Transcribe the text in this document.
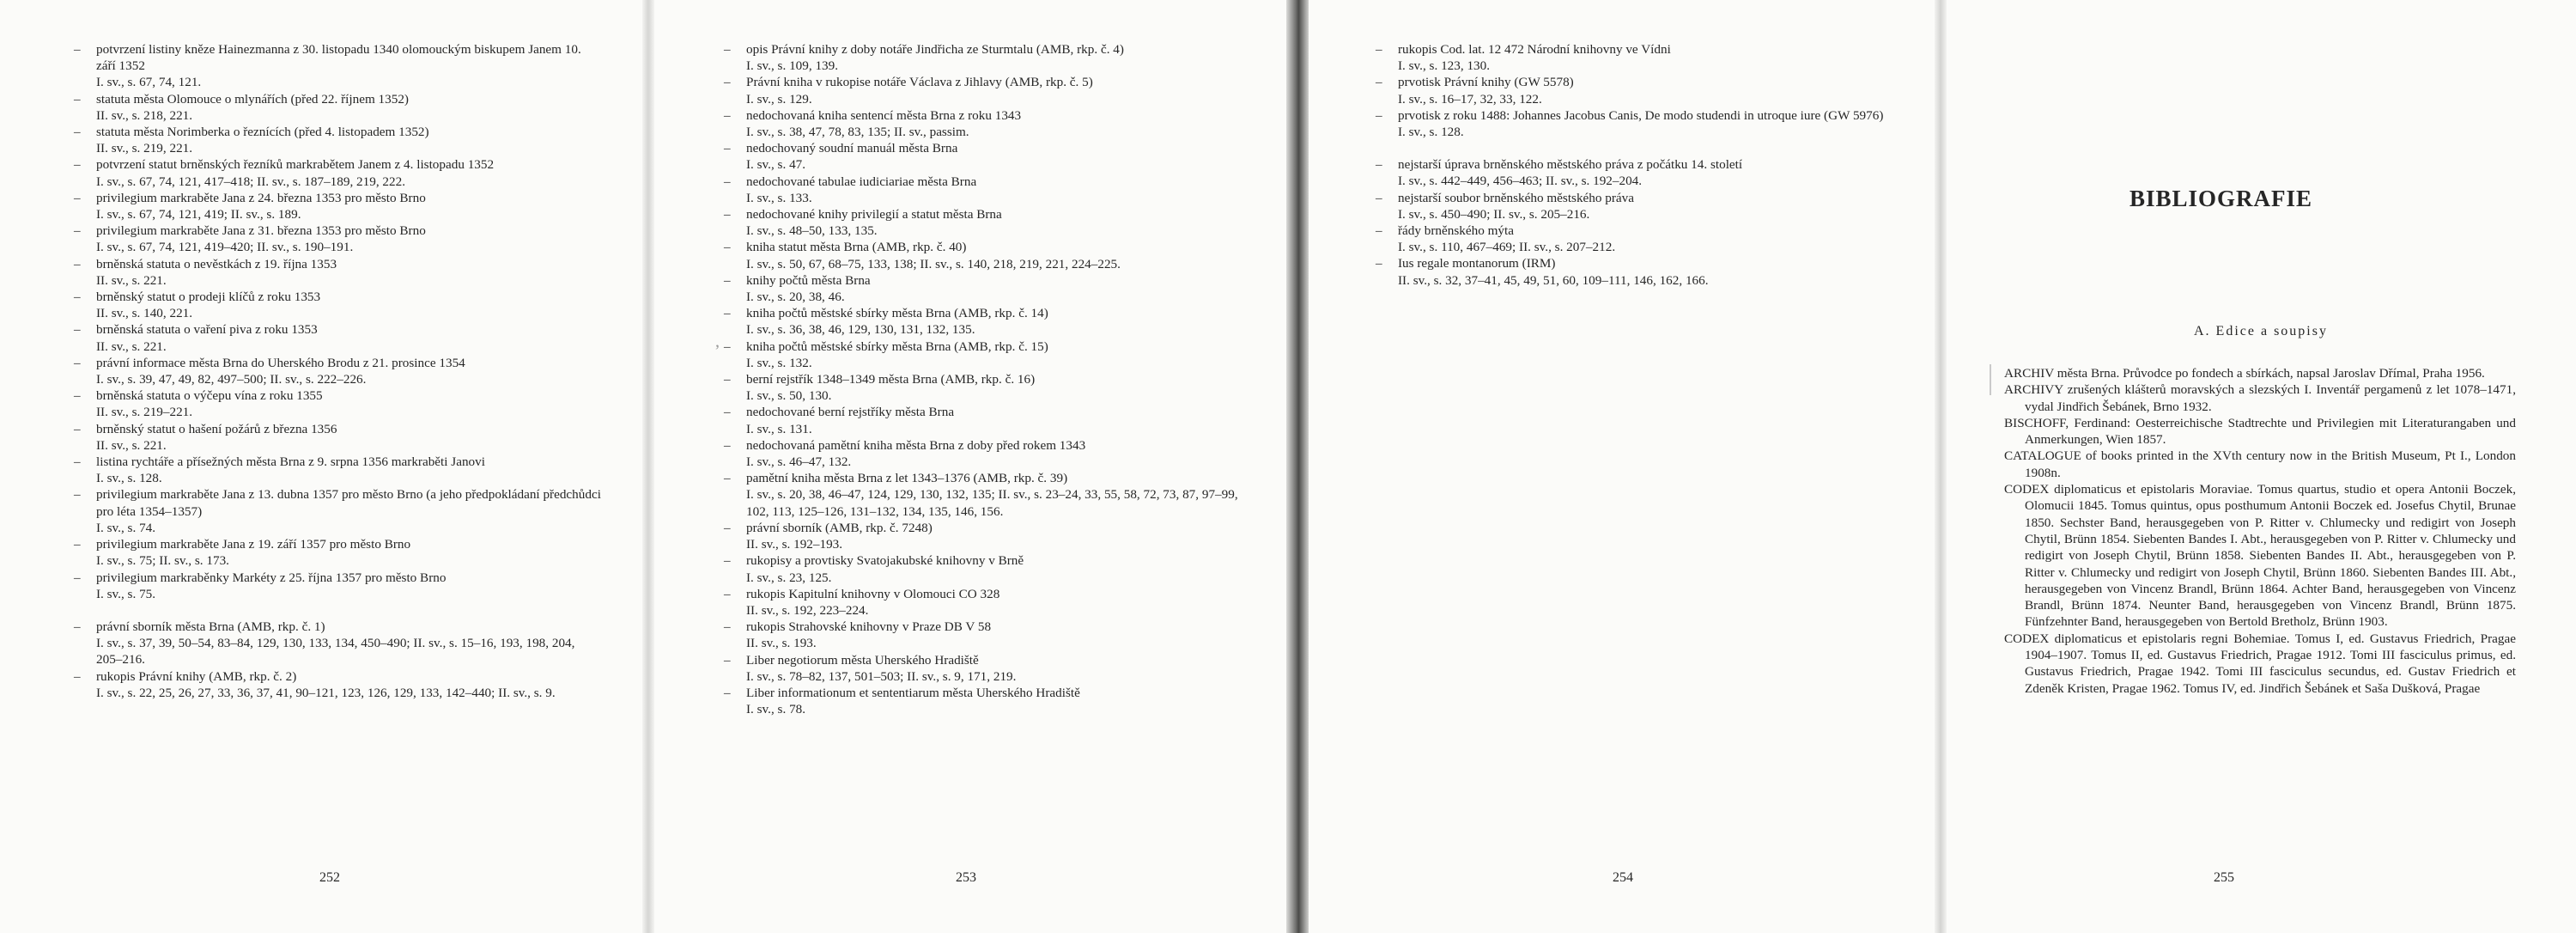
– potvrzení listiny kněze Hainezmanna z 30. listopadu 1340 olomouckým biskupem Janem 10. září 1352
I. sv., s. 67, 74, 121.
– statuta města Olomouce o mlynářích (před 22. říjnem 1352)
II. sv., s. 218, 221.
– statuta města Norimberka o řeznících (před 4. listopadem 1352)
II. sv., s. 219, 221.
– potvrzení statut brněnských řezníků markrabětem Janem z 4. listopadu 1352
I. sv., s. 67, 74, 121, 417–418; II. sv., s. 187–189, 219, 222.
– privilegium markraběte Jana z 24. března 1353 pro město Brno
I. sv., s. 67, 74, 121, 419; II. sv., s. 189.
– privilegium markraběte Jana z 31. března 1353 pro město Brno
I. sv., s. 67, 74, 121, 419–420; II. sv., s. 190–191.
– brněnská statuta o nevěstkách z 19. října 1353
II. sv., s. 221.
– brněnský statut o prodeji klíčů z roku 1353
II. sv., s. 140, 221.
– brněnská statuta o vaření piva z roku 1353
II. sv., s. 221.
– právní informace města Brna do Uherského Brodu z 21. prosince 1354
I. sv., s. 39, 47, 49, 82, 497–500; II. sv., s. 222–226.
– brněnská statuta o výčepu vína z roku 1355
II. sv., s. 219–221.
– brněnský statut o hašení požárů z března 1356
II. sv., s. 221.
– listina rychtáře a přísežných města Brna z 9. srpna 1356 markraběti Janovi
I. sv., s. 128.
– privilegium markraběte Jana z 13. dubna 1357 pro město Brno (a jeho předpokládaní předchůdci pro léta 1354–1357)
I. sv., s. 74.
– privilegium markraběte Jana z 19. září 1357 pro město Brno
I. sv., s. 75; II. sv., s. 173.
– privilegium markraběnky Markéty z 25. října 1357 pro město Brno
I. sv., s. 75.
– právní sborník města Brna (AMB, rkp. č. 1)
I. sv., s. 37, 39, 50–54, 83–84, 129, 130, 133, 134, 450–490; II. sv., s. 15–16, 193, 198, 204, 205–216.
– rukopis Právní knihy (AMB, rkp. č. 2)
I. sv., s. 22, 25, 26, 27, 33, 36, 37, 41, 90–121, 123, 126, 129, 133, 142–440; II. sv., s. 9.
252
ʼ
– opis Právní knihy z doby notáře Jindřicha ze Sturmtalu (AMB, rkp. č. 4)
I. sv., s. 109, 139.
– Právní kniha v rukopise notáře Václava z Jihlavy (AMB, rkp. č. 5)
I. sv., s. 129.
– nedochovaná kniha sentencí města Brna z roku 1343
I. sv., s. 38, 47, 78, 83, 135; II. sv., passim.
– nedochovaný soudní manuál města Brna
I. sv., s. 47.
– nedochované tabulae iudiciariae města Brna
I. sv., s. 133.
– nedochované knihy privilegií a statut města Brna
I. sv., s. 48–50, 133, 135.
– kniha statut města Brna (AMB, rkp. č. 40)
I. sv., s. 50, 67, 68–75, 133, 138; II. sv., s. 140, 218, 219, 221, 224–225.
– knihy počtů města Brna
I. sv., s. 20, 38, 46.
– kniha počtů městské sbírky města Brna (AMB, rkp. č. 14)
I. sv., s. 36, 38, 46, 129, 130, 131, 132, 135.
– kniha počtů městské sbírky města Brna (AMB, rkp. č. 15)
I. sv., s. 132.
– berní rejstřík 1348–1349 města Brna (AMB, rkp. č. 16)
I. sv., s. 50, 130.
– nedochované berní rejstříky města Brna
I. sv., s. 131.
– nedochovaná pamětní kniha města Brna z doby před rokem 1343
I. sv., s. 46–47, 132.
– pamětní kniha města Brna z let 1343–1376 (AMB, rkp. č. 39)
I. sv., s. 20, 38, 46–47, 124, 129, 130, 132, 135; II. sv., s. 23–24, 33, 55, 58, 72, 73, 87, 97–99, 102, 113, 125–126, 131–132, 134, 135, 146, 156.
– právní sborník (AMB, rkp. č. 7248)
II. sv., s. 192–193.
– rukopisy a provtisky Svatojakubské knihovny v Brně
I. sv., s. 23, 125.
– rukopis Kapitulní knihovny v Olomouci CO 328
II. sv., s. 192, 223–224.
– rukopis Strahovské knihovny v Praze DB V 58
II. sv., s. 193.
– Liber negotiorum města Uherského Hradiště
I. sv., s. 78–82, 137, 501–503; II. sv., s. 9, 171, 219.
– Liber informationum et sententiarum města Uherského Hradiště
I. sv., s. 78.
253
– rukopis Cod. lat. 12 472 Národní knihovny ve Vídni
I. sv., s. 123, 130.
– prvotisk Právní knihy (GW 5578)
I. sv., s. 16–17, 32, 33, 122.
– prvotisk z roku 1488: Johannes Jacobus Canis, De modo studendi in utroque iure (GW 5976)
I. sv., s. 128.
– nejstarší úprava brněnského městského práva z počátku 14. století
I. sv., s. 442–449, 456–463; II. sv., s. 192–204.
– nejstarší soubor brněnského městského práva
I. sv., s. 450–490; II. sv., s. 205–216.
– řády brněnského mýta
I. sv., s. 110, 467–469; II. sv., s. 207–212.
– Ius regale montanorum (IRM)
II. sv., s. 32, 37–41, 45, 49, 51, 60, 109–111, 146, 162, 166.
254
BIBLIOGRAFIE
A. Edice a soupisy
ARCHIV města Brna. Průvodce po fondech a sbírkách, napsal Jaroslav Dřímal, Praha 1956.
ARCHIVY zrušených klášterů moravských a slezských I. Inventář pergamenů z let 1078–1471, vydal Jindřich Šebánek, Brno 1932.
BISCHOFF, Ferdinand: Oesterreichische Stadtrechte und Privilegien mit Literaturangaben und Anmerkungen, Wien 1857.
CATALOGUE of books printed in the XVth century now in the British Museum, Pt I., London 1908n.
CODEX diplomaticus et epistolaris Moraviae. Tomus quartus, studio et opera Antonii Boczek, Olomucii 1845. Tomus quintus, opus posthumum Antonii Boczek ed. Josefus Chytil, Brunae 1850. Sechster Band, herausgegeben von P. Ritter v. Chlumecky und redigirt von Joseph Chytil, Brünn 1854. Siebenten Bandes I. Abt., herausgegeben von P. Ritter v. Chlumecky und redigirt von Joseph Chytil, Brünn 1858. Siebenten Bandes II. Abt., herausgegeben von P. Ritter v. Chlumecky und redigirt von Joseph Chytil, Brünn 1860. Siebenten Bandes III. Abt., herausgegeben von Vincenz Brandl, Brünn 1864. Achter Band, herausgegeben von Vincenz Brandl, Brünn 1874. Neunter Band, herausgegeben von Vincenz Brandl, Brünn 1875. Fünfzehnter Band, herausgegeben von Bertold Bretholz, Brünn 1903.
CODEX diplomaticus et epistolaris regni Bohemiae. Tomus I, ed. Gustavus Friedrich, Pragae 1904–1907. Tomus II, ed. Gustavus Friedrich, Pragae 1912. Tomi III fasciculus primus, ed. Gustavus Friedrich, Pragae 1942. Tomi III fasciculus secundus, ed. Gustav Friedrich et Zdeněk Kristen, Pragae 1962. Tomus IV, ed. Jindřich Šebánek et Saša Dušková, Pragae
255
